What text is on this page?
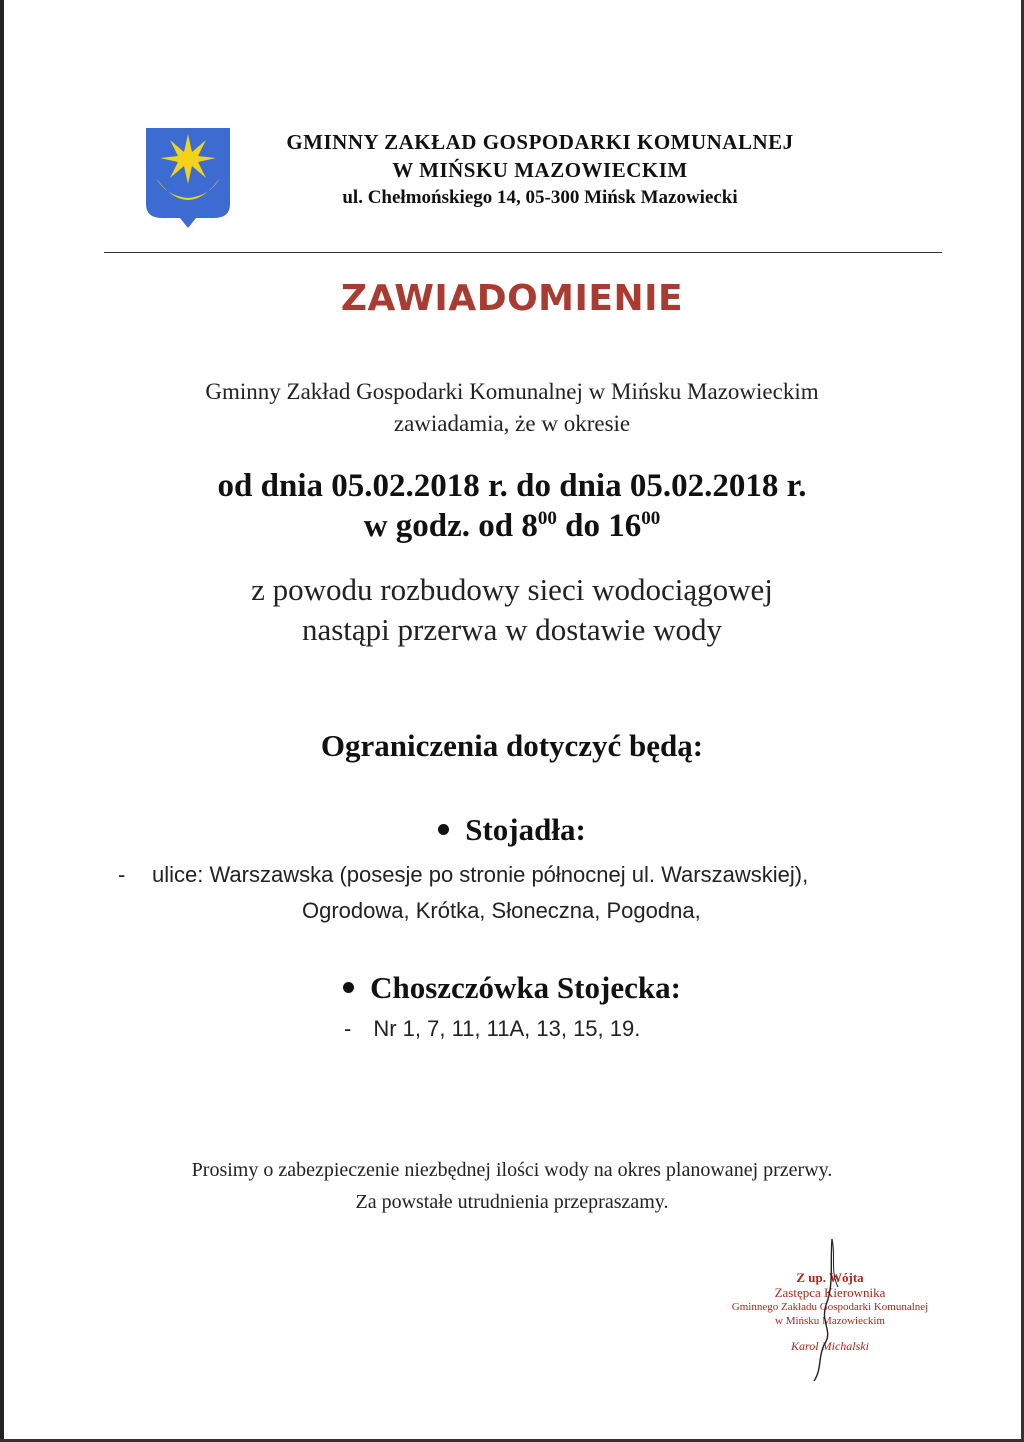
GMINNY ZAKŁAD GOSPODARKI KOMUNALNEJ
W MIŃSKU MAZOWIECKIM
ul. Chełmońskiego 14, 05-300 Mińsk Mazowiecki
ZAWIADOMIENIE
Gminny Zakład Gospodarki Komunalnej w Mińsku Mazowieckim
zawiadamia, że w okresie
od dnia 05.02.2018 r. do dnia 05.02.2018 r.
w godz. od $8^{00}$ do $16^{00}$
z powodu rozbudowy sieci wodociągowej
nastąpi przerwa w dostawie wody
Ograniczenia dotyczyć będą:
Stojadła:
- ulice: Warszawska (posesje po stronie północnej ul. Warszawskiej),
Ogrodowa, Krótka, Słoneczna, Pogodna,
Choszczówka Stojecka:
- Nr 1, 7, 11, 11A, 13, 15, 19.
Prosimy o zabezpieczenie niezbędnej ilości wody na okres planowanej przerwy.
Za powstałe utrudnienia przepraszamy.
Z up. Wójta
Zastępca Kierownika
Gminnego Zakładu Gospodarki Komunalnej
w Mińsku Mazowieckim
Karol Michalski
